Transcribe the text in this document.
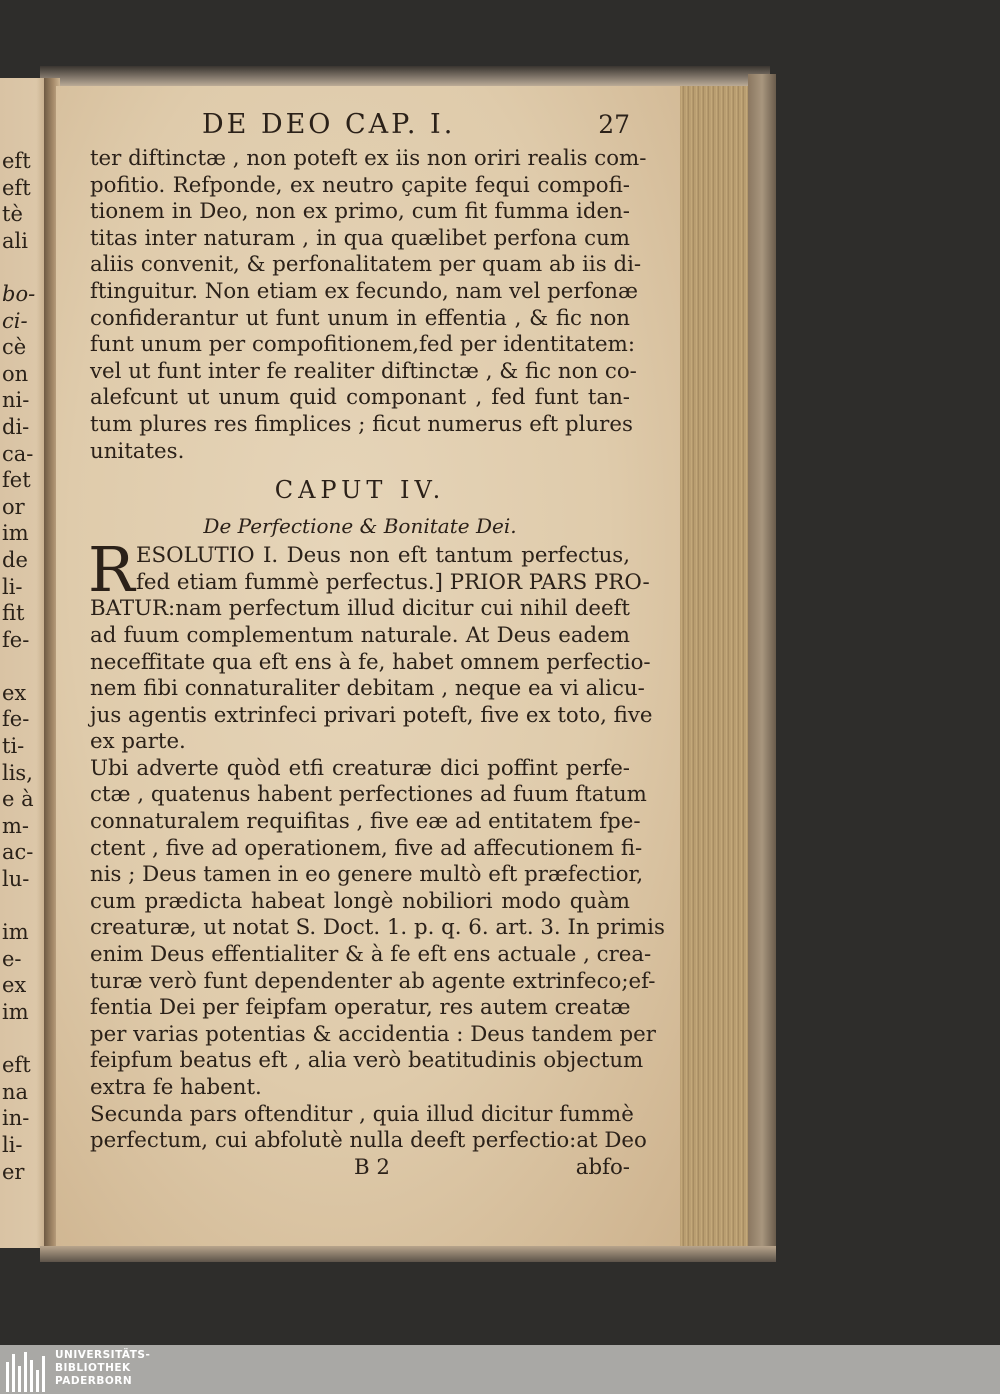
eft
eft
tè
ali
bo-
ci-
cè
on
ni-
di-
ca-
fet
or
im
de
li-
fit
fe-
ex
fe-
ti-
lis,
e à
m-
ac-
lu-
im
e-
ex
im
eft
na
in-
li-
er
DE DEO CAP. I.	27
ter diftinctæ , non poteft ex iis non oriri realis com-
pofitio. Refponde, ex neutro çapite fequi compofi-
tionem in Deo, non ex primo, cum fit fumma iden-
titas inter naturam , in qua quælibet perfona cum
aliis convenit, & perfonalitatem per quam ab iis di-
ftinguitur. Non etiam ex fecundo, nam vel perfonæ
confiderantur ut funt unum in effentia , & fic non
funt unum per compofitionem,fed per identitatem:
vel ut funt inter fe realiter diftinctæ , & fic non co-
alefcunt ut unum quid componant , fed funt tan-
tum plures res fimplices ; ficut numerus eft plures
unitates.
CAPUT IV.
De Perfectione & Bonitate Dei.
R ESOLUTIO I. Deus non eft tantum perfectus,
fed etiam fummè perfectus.] PRIOR PARS PRO-
BATUR:nam perfectum illud dicitur cui nihil deeft
ad fuum complementum naturale. At Deus eadem
neceffitate qua eft ens à fe, habet omnem perfectio-
nem fibi connaturaliter debitam , neque ea vi alicu-
jus agentis extrinfeci privari poteft, five ex toto, five
ex parte.
Ubi adverte quòd etfi creaturæ dici poffint perfe-
ctæ , quatenus habent perfectiones ad fuum ftatum
connaturalem requifitas , five eæ ad entitatem fpe-
ctent , five ad operationem, five ad affecutionem fi-
nis ; Deus tamen in eo genere multò eft præfectior,
cum prædicta habeat longè nobiliori modo quàm
creaturæ, ut notat S. Doct. 1. p. q. 6. art. 3. In primis
enim Deus effentialiter & à fe eft ens actuale , crea-
turæ verò funt dependenter ab agente extrinfeco;ef-
fentia Dei per feipfam operatur, res autem creatæ
per varias potentias & accidentia : Deus tandem per
feipfum beatus eft , alia verò beatitudinis objectum
extra fe habent.
Secunda pars oftenditur , quia illud dicitur fummè
perfectum, cui abfolutè nulla deeft perfectio:at Deo
B 2	abfo-
UNIVERSITÄTS-
BIBLIOTHEK
PADERBORN
